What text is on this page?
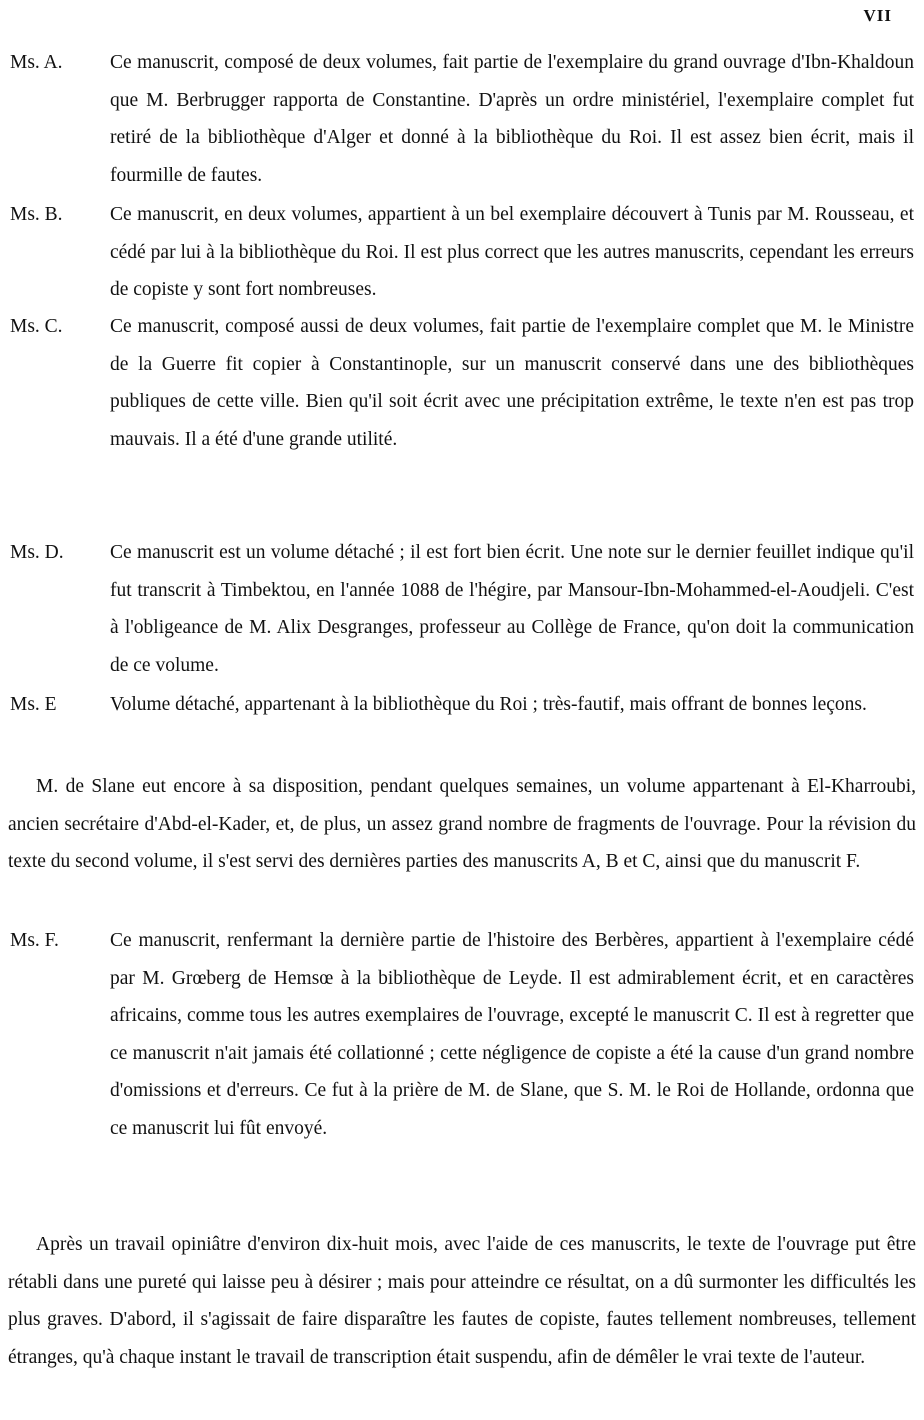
VII
Ms. A. Ce manuscrit, composé de deux volumes, fait partie de l'exemplaire du grand ouvrage d'Ibn-Khaldoun que M. Berbrugger rapporta de Constantine. D'après un ordre ministériel, l'exemplaire complet fut retiré de la bibliothèque d'Alger et donné à la bibliothèque du Roi. Il est assez bien écrit, mais il fourmille de fautes.
Ms. B. Ce manuscrit, en deux volumes, appartient à un bel exemplaire découvert à Tunis par M. Rousseau, et cédé par lui à la bibliothèque du Roi. Il est plus correct que les autres manuscrits, cependant les erreurs de copiste y sont fort nombreuses.
Ms. C. Ce manuscrit, composé aussi de deux volumes, fait partie de l'exemplaire complet que M. le Ministre de la Guerre fit copier à Constantinople, sur un manuscrit conservé dans une des bibliothèques publiques de cette ville. Bien qu'il soit écrit avec une précipitation extrême, le texte n'en est pas trop mauvais. Il a été d'une grande utilité.
Ms. D. Ce manuscrit est un volume détaché ; il est fort bien écrit. Une note sur le dernier feuillet indique qu'il fut transcrit à Timbektou, en l'année 1088 de l'hégire, par Mansour-Ibn-Mohammed-el-Aoudjeli. C'est à l'obligeance de M. Alix Desgranges, professeur au Collège de France, qu'on doit la communication de ce volume.
Ms. E	Volume détaché, appartenant à la bibliothèque du Roi ; très-fautif, mais offrant de bonnes leçons.
M. de Slane eut encore à sa disposition, pendant quelques semaines, un volume appartenant à El-Kharroubi, ancien secrétaire d'Abd-el-Kader, et, de plus, un assez grand nombre de fragments de l'ouvrage. Pour la révision du texte du second volume, il s'est servi des dernières parties des manuscrits A, B et C, ainsi que du manuscrit F.
Ms. F.	Ce manuscrit, renfermant la dernière partie de l'histoire des Berbères, appartient à l'exemplaire cédé par M. Grœberg de Hemsœ à la bibliothèque de Leyde. Il est admirablement écrit, et en caractères africains, comme tous les autres exemplaires de l'ouvrage, excepté le manuscrit C. Il est à regretter que ce manuscrit n'ait jamais été collationné ; cette négligence de copiste a été la cause d'un grand nombre d'omissions et d'erreurs. Ce fut à la prière de M. de Slane, que S. M. le Roi de Hollande, ordonna que ce manuscrit lui fût envoyé.
Après un travail opiniâtre d'environ dix-huit mois, avec l'aide de ces manuscrits, le texte de l'ouvrage put être rétabli dans une pureté qui laisse peu à désirer ; mais pour atteindre ce résultat, on a dû surmonter les difficultés les plus graves. D'abord, il s'agissait de faire disparaître les fautes de copiste, fautes tellement nombreuses, tellement étranges, qu'à chaque instant le travail de transcription était suspendu, afin de démêler le vrai texte de l'auteur.
